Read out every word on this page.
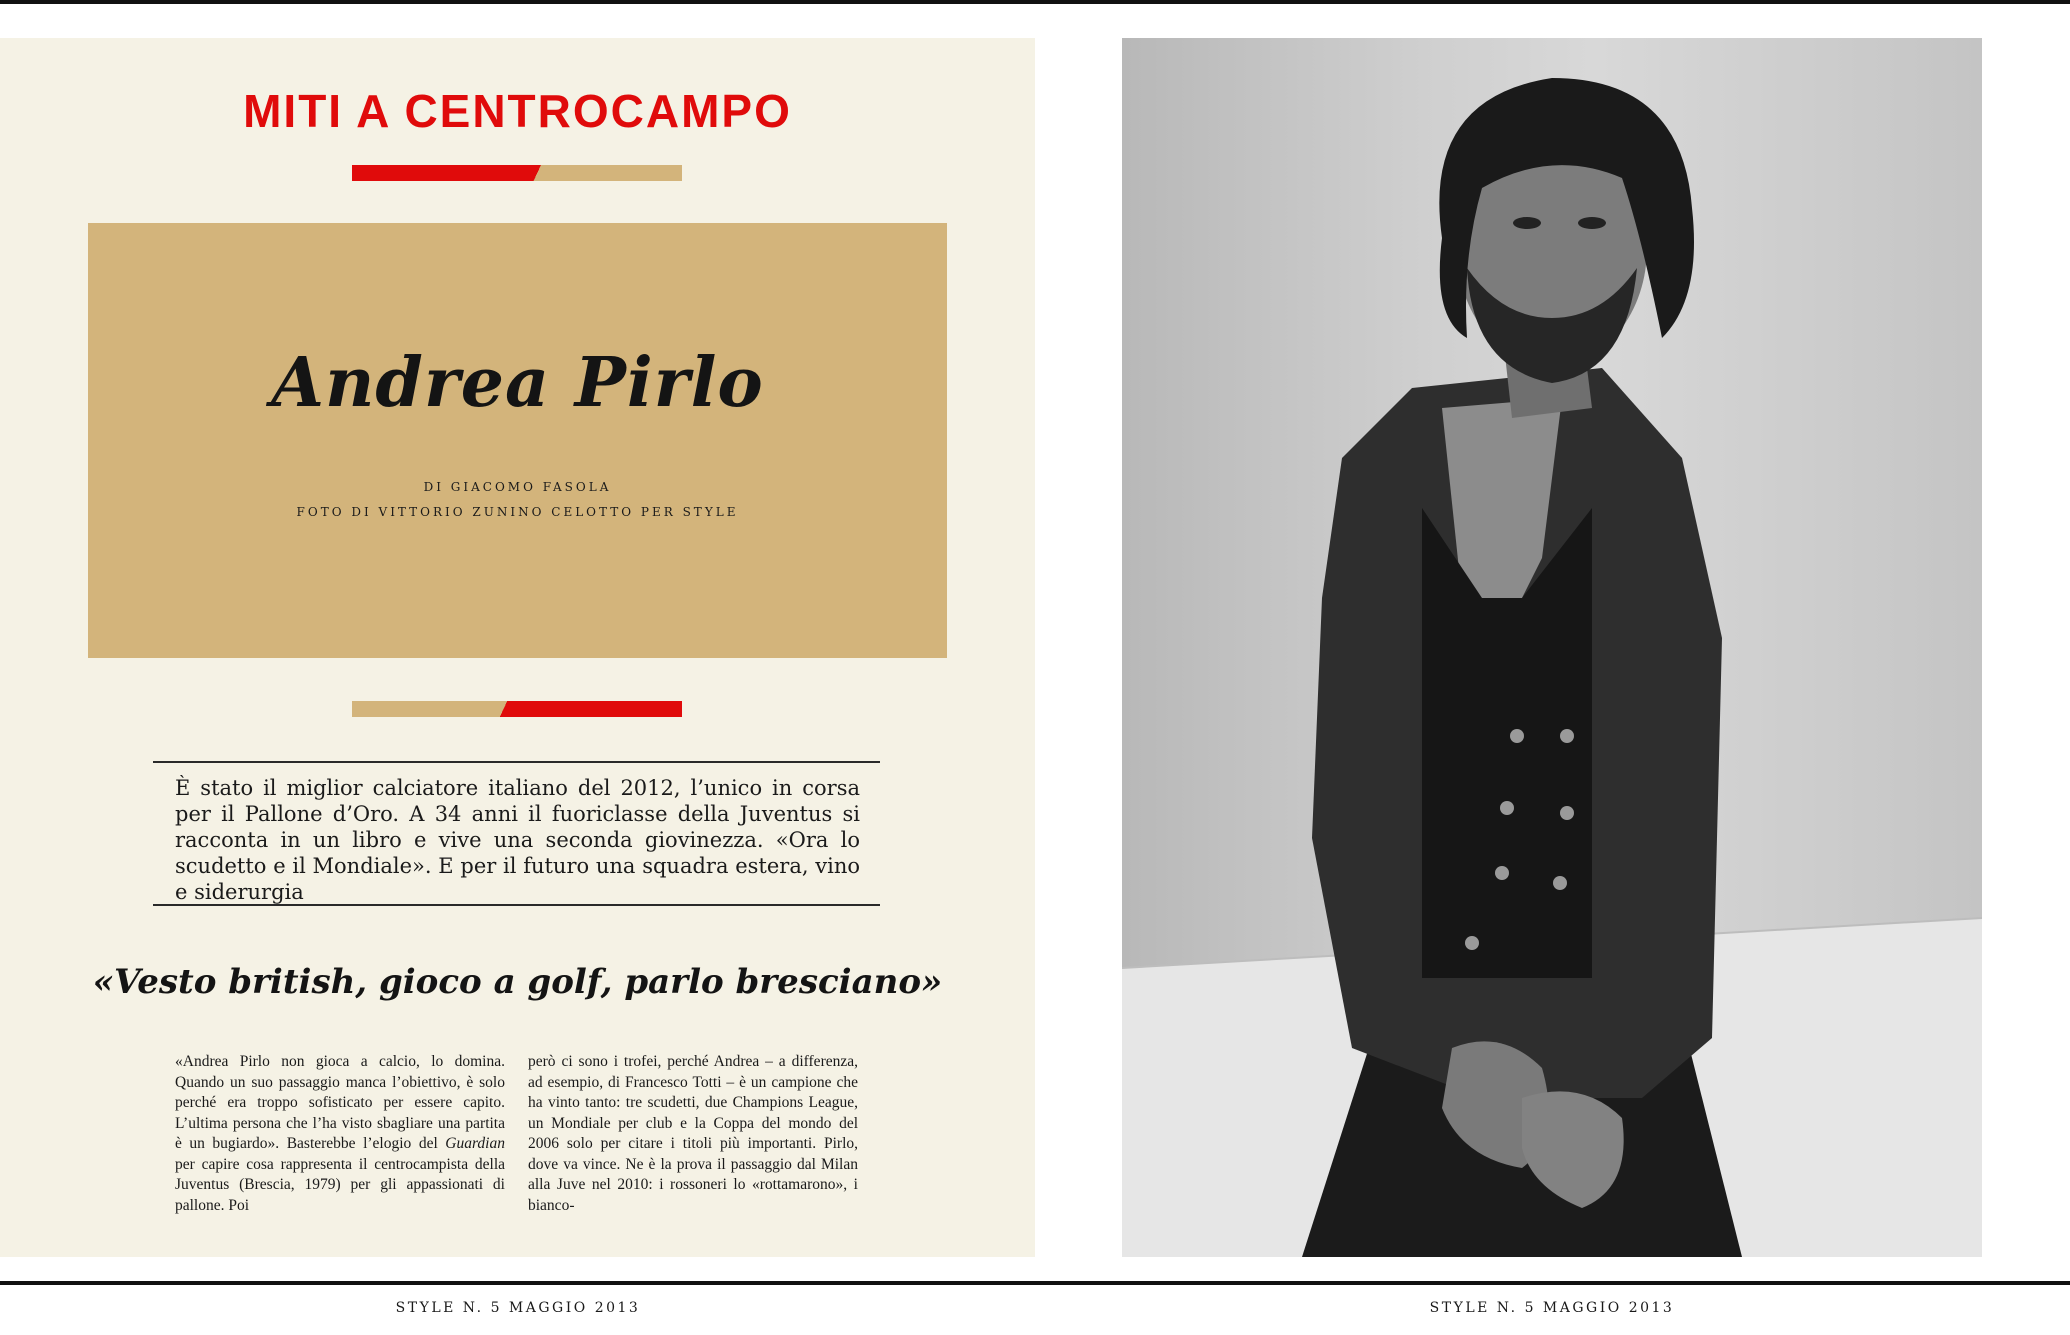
MITI A CENTROCAMPO
Andrea Pirlo
DI GIACOMO FASOLA
FOTO DI VITTORIO ZUNINO CELOTTO PER STYLE
È stato il miglior calciatore italiano del 2012, l’unico in corsa per il Pallone d’Oro. A 34 anni il fuoriclasse della Juventus si racconta in un libro e vive una seconda giovinezza. «Ora lo scudetto e il Mondiale». E per il futuro una squadra estera, vino e siderurgia
«Vesto british, gioco a golf, parlo bresciano»
«Andrea Pirlo non gioca a calcio, lo domina. Quando un suo passaggio manca l’obiettivo, è solo perché era troppo sofisticato per essere capito. L’ultima persona che l’ha visto sbagliare una partita è un bugiardo». Basterebbe l’elogio del Guardian per capire cosa rappresenta il centrocampista della Juventus (Brescia, 1979) per gli appassionati di pallone. Poi
però ci sono i trofei, perché Andrea – a differenza, ad esempio, di Francesco Totti – è un campione che ha vinto tanto: tre scudetti, due Champions League, un Mondiale per club e la Coppa del mondo del 2006 solo per citare i titoli più importanti. Pirlo, dove va vince. Ne è la prova il passaggio dal Milan alla Juve nel 2010: i rossoneri lo «rottamarono», i bianco-
STYLE N. 5 MAGGIO 2013	STYLE N. 5 MAGGIO 2013
